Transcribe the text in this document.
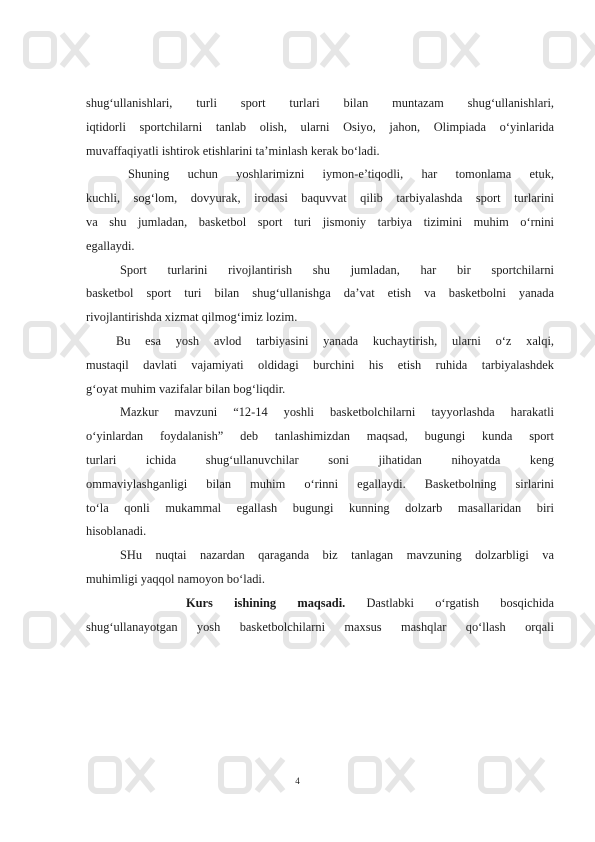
shug‘ullanishlari, turli sport turlari bilan muntazam shug‘ullanishlari,
iqtidorli sportchilarni tanlab olish, ularni Osiyo, jahon, Olimpiada o‘yinlarida
muvaffaqiyatli ishtirok etishlarini ta’minlash kerak bo‘ladi.
Shuning uchun yoshlarimizni iymon-e’tiqodli, har tomonlama etuk,
kuchli, sog‘lom, dovyurak, irodasi baquvvat qilib tarbiyalashda sport turlarini
va shu jumladan, basketbol sport turi jismoniy tarbiya tizimini muhim o‘rnini
egallaydi.
Sport turlarini rivojlantirish shu jumladan, har bir sportchilarni
basketbol sport turi bilan shug‘ullanishga da’vat etish va basketbolni yanada
rivojlantirishda xizmat qilmog‘imiz lozim.
Bu esa yosh avlod tarbiyasini yanada kuchaytirish, ularni o‘z xalqi,
mustaqil davlati vajamiyati oldidagi burchini his etish ruhida tarbiyalashdek
g‘oyat muhim vazifalar bilan bog‘liqdir.
Mazkur mavzuni “12-14 yoshli basketbolchilarni tayyorlashda harakatli
o‘yinlardan foydalanish” deb tanlashimizdan maqsad, bugungi kunda sport
turlari ichida shug‘ullanuvchilar soni jihatidan nihoyatda keng
ommaviylashganligi bilan muhim o‘rinni egallaydi. Basketbolning sirlarini
to‘la qonli mukammal egallash bugungi kunning dolzarb masallaridan biri
hisoblanadi.
SHu nuqtai nazardan qaraganda biz tanlagan mavzuning dolzarbligi va
muhimligi yaqqol namoyon bo‘ladi.
Kurs ishining maqsadi. Dastlabki o‘rgatish bosqichida
shug‘ullanayotgan yosh basketbolchilarni maxsus mashqlar qo‘llash orqali
4
